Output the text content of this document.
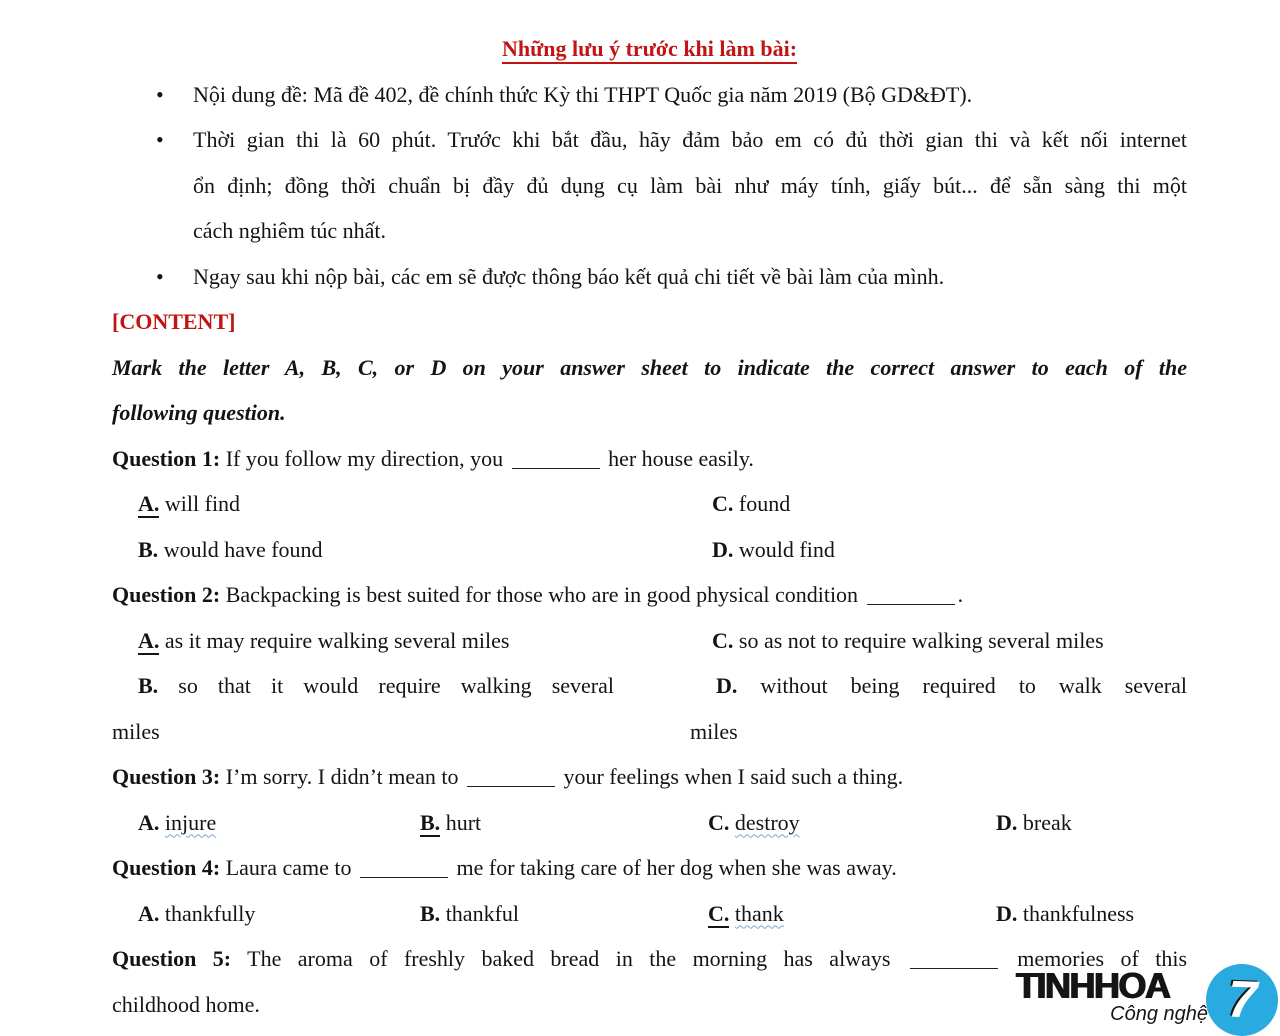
Những lưu ý trước khi làm bài:
• Nội dung đề: Mã đề 402, đề chính thức Kỳ thi THPT Quốc gia năm 2019 (Bộ GD&ĐT).
• Thời gian thi là 60 phút. Trước khi bắt đầu, hãy đảm bảo em có đủ thời gian thi và kết nối internet
ổn định; đồng thời chuẩn bị đầy đủ dụng cụ làm bài như máy tính, giấy bút... để sẵn sàng thi một
cách nghiêm túc nhất.
• Ngay sau khi nộp bài, các em sẽ được thông báo kết quả chi tiết về bài làm của mình.
[CONTENT]
Mark the letter A, B, C, or D on your answer sheet to indicate the correct answer to each of the
following question.
Question 1: If you follow my direction, you	her house easily.
A. will find	C. found
B. would have found	D. would find
Question 2: Backpacking is best suited for those who are in good physical condition	.
A. as it may require walking several miles	C. so as not to require walking several miles
B. so that it would require walking several
miles
D. without being required to walk several
miles
Question 3: I’m sorry. I didn’t mean to	your feelings when I said such a thing.
A. injure	B. hurt	C. destroy	D. break
Question 4: Laura came to	me for taking care of her dog when she was away.
A. thankfully	B. thankful	C. thank	D. thankfulness
Question 5: The aroma of freshly baked bread in the morning has always	memories of this
childhood home.	TINHHOA
Công nghệ 7
